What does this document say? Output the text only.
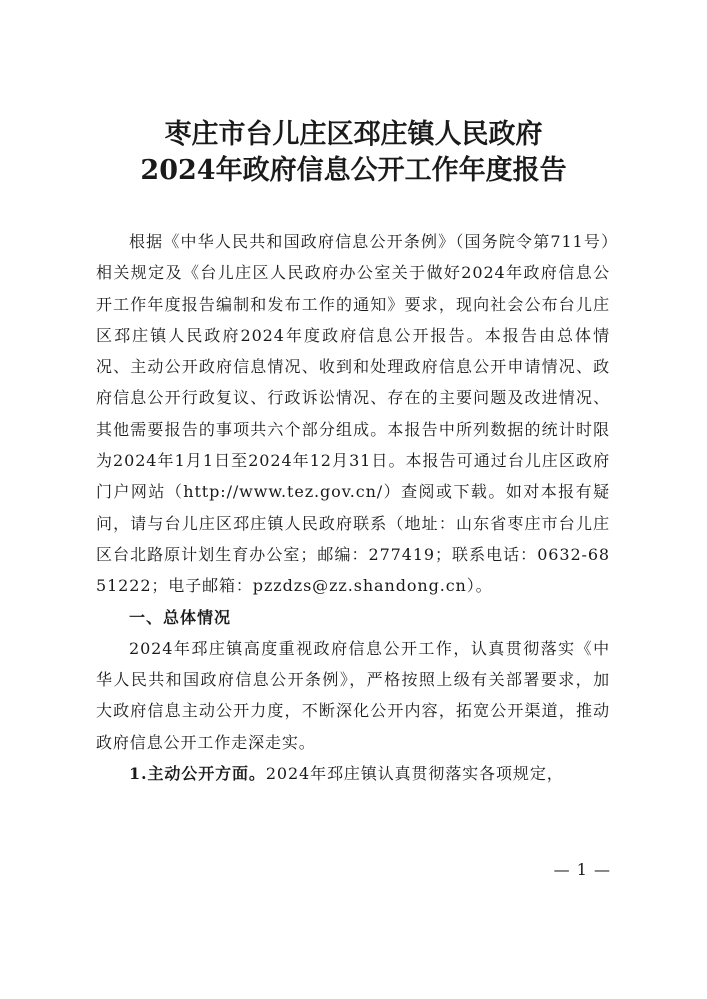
枣庄市台儿庄区邳庄镇人民政府
2024年政府信息公开工作年度报告

根据《中华人民共和国政府信息公开条例》（国务院令第711号）相关规定及《台儿庄区人民政府办公室关于做好2024年政府信息公开工作年度报告编制和发布工作的通知》要求，现向社会公布台儿庄区邳庄镇人民政府2024年度政府信息公开报告。本报告由总体情况、主动公开政府信息情况、收到和处理政府信息公开申请情况、政府信息公开行政复议、行政诉讼情况、存在的主要问题及改进情况、其他需要报告的事项共六个部分组成。本报告中所列数据的统计时限为2024年1月1日至2024年12月31日。本报告可通过台儿庄区政府门户网站（http://www.tez.gov.cn/）查阅或下载。如对本报有疑问，请与台儿庄区邳庄镇人民政府联系（地址：山东省枣庄市台儿庄区台北路原计划生育办公室；邮编：277419；联系电话：0632-6851222；电子邮箱：pzzdzs@zz.shandong.cn）。

一、总体情况

2024年邳庄镇高度重视政府信息公开工作，认真贯彻落实《中华人民共和国政府信息公开条例》，严格按照上级有关部署要求，加大政府信息主动公开力度，不断深化公开内容，拓宽公开渠道，推动政府信息公开工作走深走实。

1.主动公开方面。2024年邳庄镇认真贯彻落实各项规定，

— 1 —
